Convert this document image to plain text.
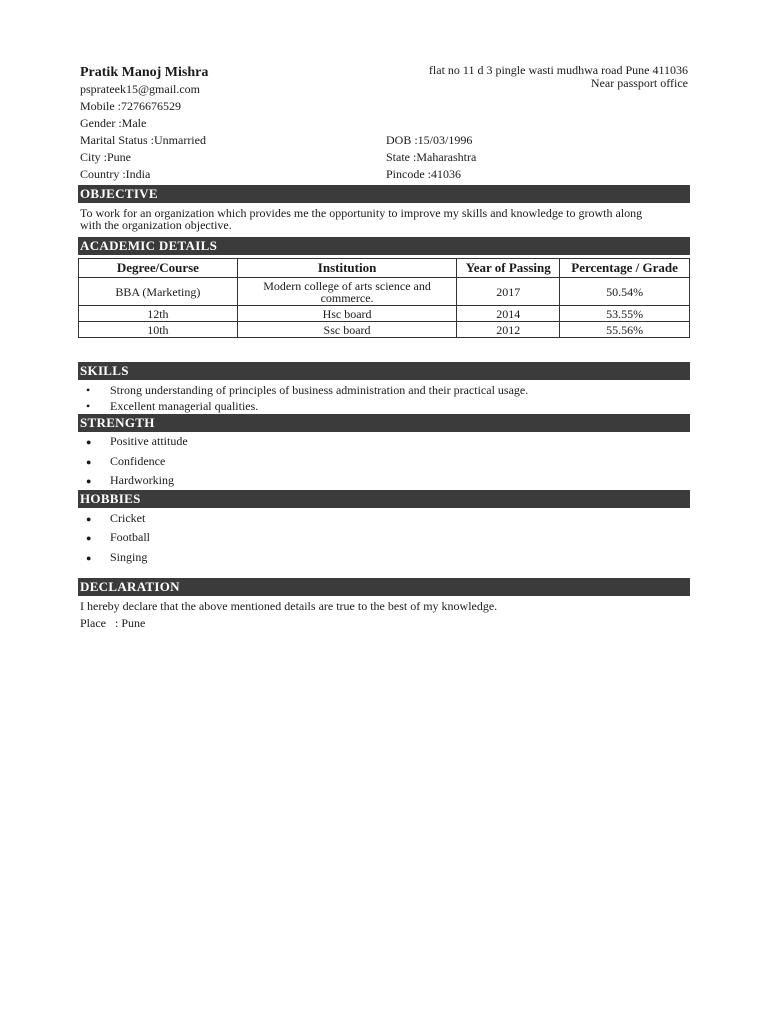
Pratik Manoj Mishra	flat no 11 d 3 pingle wasti mudhwa road Pune 411036
Near passport office
psprateek15@gmail.com
Mobile :7276676529
Gender :Male
Marital Status :Unmarried	DOB :15/03/1996
City :Pune	State :Maharashtra
Country :India	Pincode :41036
OBJECTIVE
To work for an organization which provides me the opportunity to improve my skills and knowledge to growth along
with the organization objective.
ACADEMIC DETAILS
Degree/Course	Institution	Year of Passing	Percentage / Grade
BBA (Marketing)	Modern college of arts science and commerce.	2017	50.54%
12th	Hsc board	2014	53.55%
10th	Ssc board	2012	55.56%
SKILLS
• Strong understanding of principles of business administration and their practical usage.
• Excellent managerial qualities.
STRENGTH
● Positive attitude
● Confidence
● Hardworking
HOBBIES
● Cricket
● Football
● Singing
DECLARATION
I hereby declare that the above mentioned details are true to the best of my knowledge.
Place   : Pune
